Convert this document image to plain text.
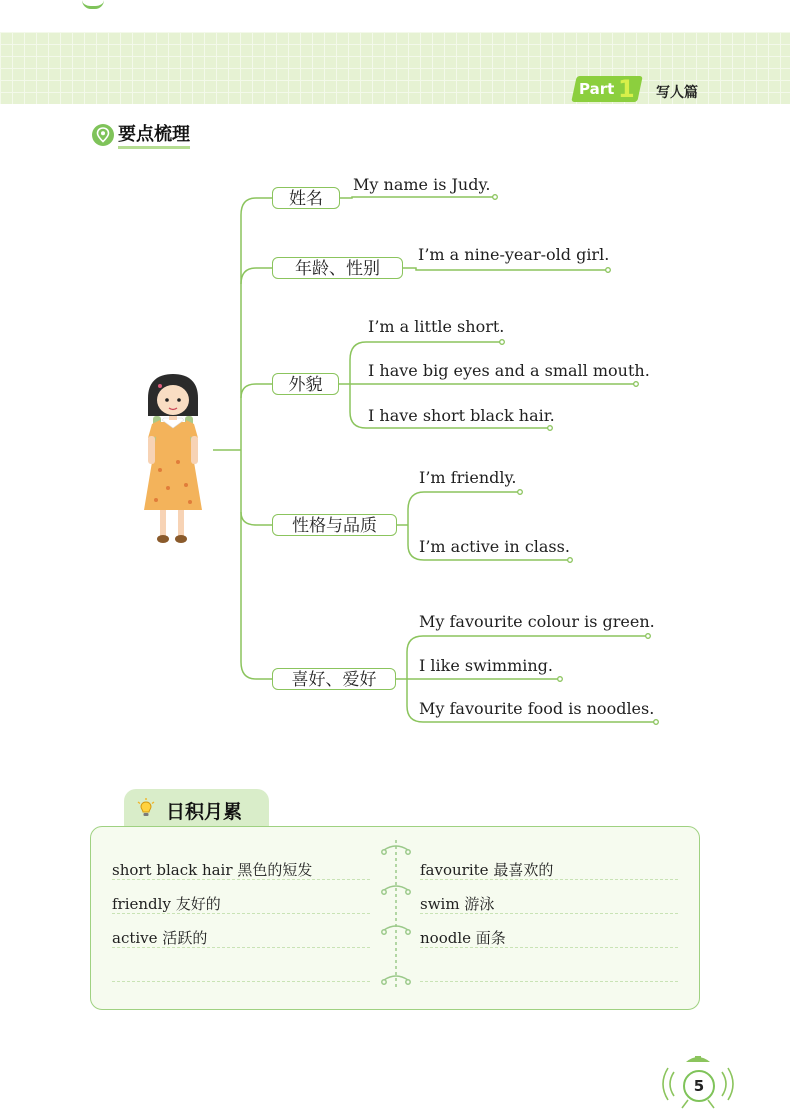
Part 1 写人篇
要点梳理
姓名
年龄、性别
外貌
性格与品质
喜好、爱好
My name is Judy.
I’m a nine-year-old girl.
I’m a little short.
I have big eyes and a small mouth.
I have short black hair.
I’m friendly.
I’m active in class.
My favourite colour is green.
I like swimming.
My favourite food is noodles.
日积月累
short black hair 黑色的短发
friendly 友好的
active 活跃的
favourite 最喜欢的
swim 游泳
noodle 面条
5
